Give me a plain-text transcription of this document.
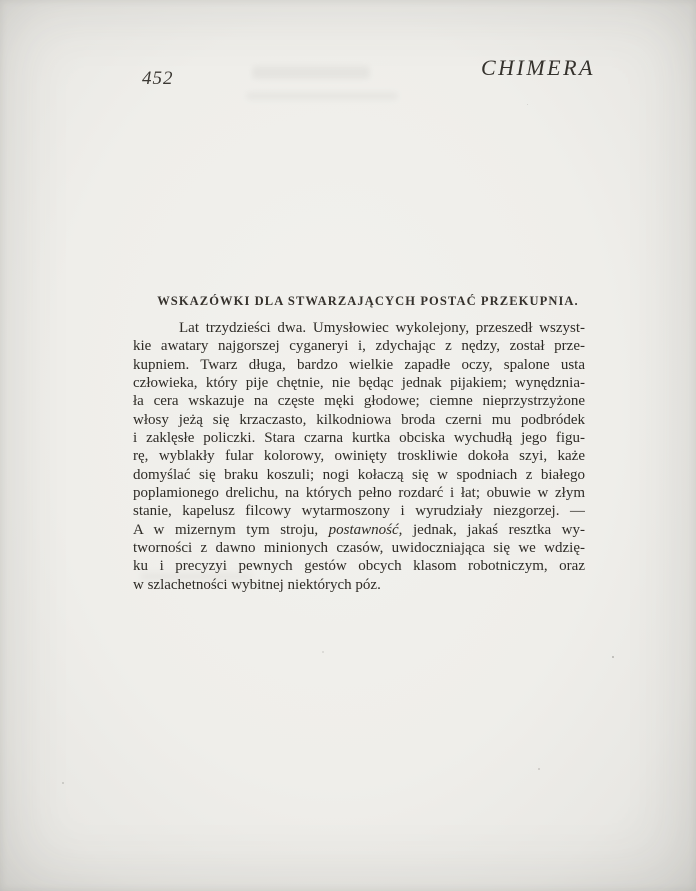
452	CHIMERA
WSKAZÓWKI DLA STWARZAJĄCYCH POSTAĆ PRZEKUPNIA.
Lat trzydzieści dwa. Umysłowiec wykolejony, przeszedł wszyst-
kie awatary najgorszej cyganeryi i, zdychając z nędzy, został prze-
kupniem. Twarz długa, bardzo wielkie zapadłe oczy, spalone usta
człowieka, który pije chętnie, nie będąc jednak pijakiem; wynędznia-
ła cera wskazuje na częste męki głodowe; ciemne nieprzystrzyżone
włosy jeżą się krzaczasto, kilkodniowa broda czerni mu podbródek
i zaklęsłe policzki. Stara czarna kurtka obciska wychudłą jego figu-
rę, wyblakły fular kolorowy, owinięty troskliwie dokoła szyi, każe
domyślać się braku koszuli; nogi kołaczą się w spodniach z białego
poplamionego drelichu, na których pełno rozdarć i łat; obuwie w złym
stanie, kapelusz filcowy wytarmoszony i wyrudziały niezgorzej. —
A w mizernym tym stroju, postawność, jednak, jakaś resztka wy-
tworności z dawno minionych czasów, uwidoczniająca się we wdzię-
ku i precyzyi pewnych gestów obcych klasom robotniczym, oraz
w szlachetności wybitnej niektórych póz.
